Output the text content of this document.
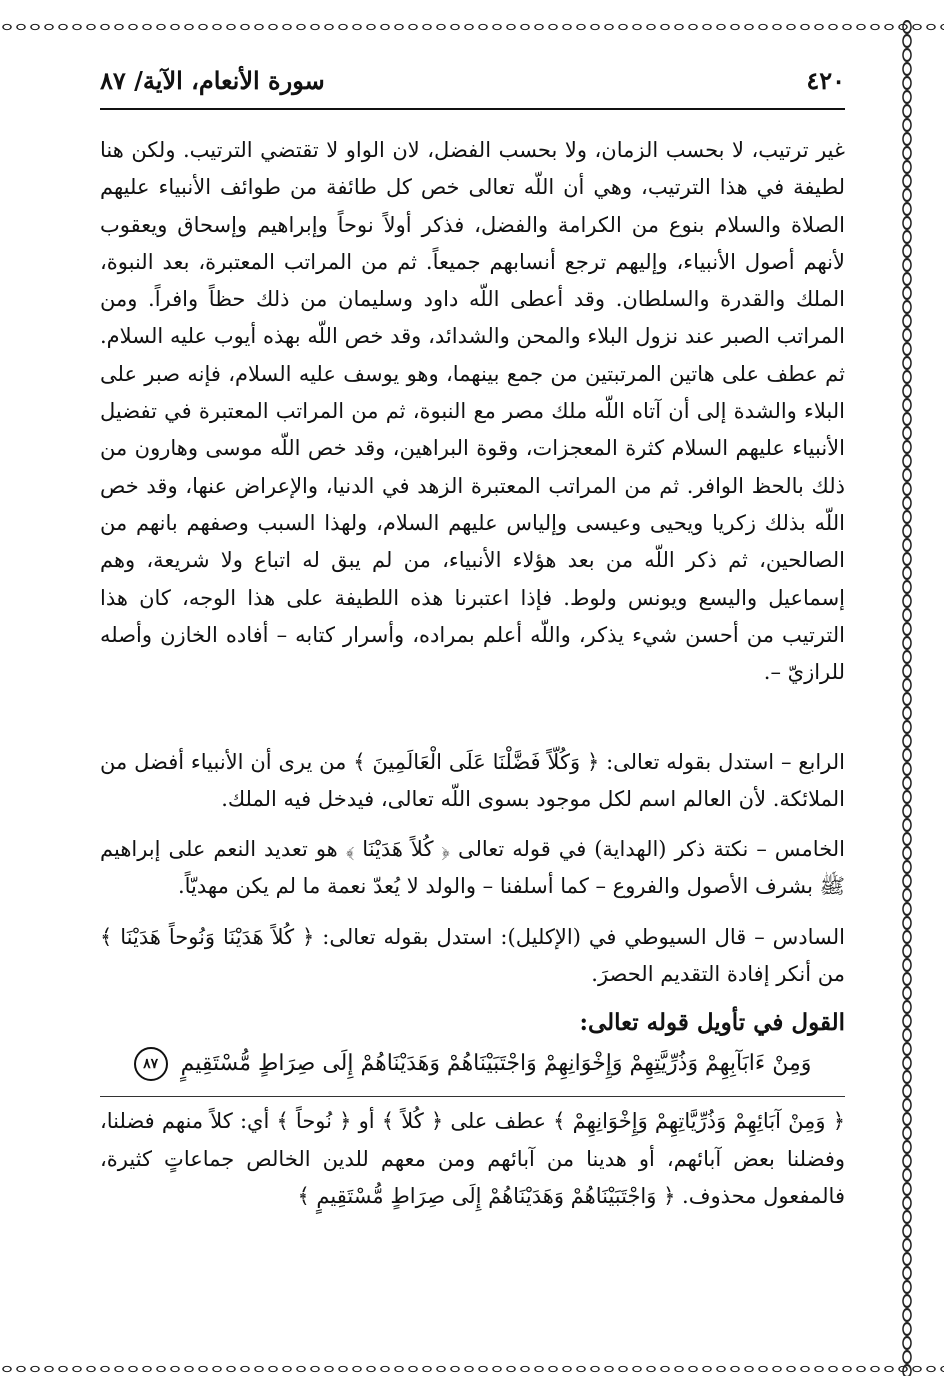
٤٢٠
سورة الأنعام، الآية/ ٨٧

غير ترتيب، لا بحسب الزمان، ولا بحسب الفضل، لان الواو لا تقتضي الترتيب. ولكن هنا لطيفة في هذا الترتيب، وهي أن اللّه تعالى خص كل طائفة من طوائف الأنبياء عليهم الصلاة والسلام بنوع من الكرامة والفضل، فذكر أولاً نوحاً وإبراهيم وإسحاق ويعقوب لأنهم أصول الأنبياء، وإليهم ترجع أنسابهم جميعاً. ثم من المراتب المعتبرة، بعد النبوة، الملك والقدرة والسلطان. وقد أعطى اللّه داود وسليمان من ذلك حظاً وافراً. ومن المراتب الصبر عند نزول البلاء والمحن والشدائد، وقد خص اللّه بهذه أيوب عليه السلام. ثم عطف على هاتين المرتبتين من جمع بينهما، وهو يوسف عليه السلام، فإنه صبر على البلاء والشدة إلى أن آتاه اللّه ملك مصر مع النبوة، ثم من المراتب المعتبرة في تفضيل الأنبياء عليهم السلام كثرة المعجزات، وقوة البراهين، وقد خص اللّه موسى وهارون من ذلك بالحظ الوافر. ثم من المراتب المعتبرة الزهد في الدنيا، والإعراض عنها، وقد خص اللّه بذلك زكريا ويحيى وعيسى وإلياس عليهم السلام، ولهذا السبب وصفهم بانهم من الصالحين، ثم ذكر اللّه من بعد هؤلاء الأنبياء، من لم يبق له اتباع ولا شريعة، وهم إسماعيل واليسع ويونس ولوط. فإذا اعتبرنا هذه اللطيفة على هذا الوجه، كان هذا الترتيب من أحسن شيء يذكر، واللّه أعلم بمراده، وأسرار كتابه – أفاده الخازن وأصله للرازيّ –.

الرابع – استدل بقوله تعالى: ﴿ وَكُلّاً فَضَّلْنَا عَلَى الْعَالَمِينَ ﴾ من يرى أن الأنبياء أفضل من الملائكة. لأن العالم اسم لكل موجود بسوى اللّه تعالى، فيدخل فيه الملك.

الخامس – نكتة ذكر (الهداية) في قوله تعالى ﴿ كُلاً هَدَيْنَا ﴾ هو تعديد النعم على إبراهيم ﷺ بشرف الأصول والفروع – كما أسلفنا – والولد لا يُعدّ نعمة ما لم يكن مهديّاً.

السادس – قال السيوطي في (الإكليل): استدل بقوله تعالى: ﴿ كُلاً هَدَيْنَا وَنُوحاً هَدَيْنَا ﴾ من أنكر إفادة التقديم الحصرَ.

القول في تأويل قوله تعالى:

وَمِنْ ءَابَآبِهِمْ وَذُرِّيَّتِهِمْ وَإِخْوَانِهِمْ وَاجْتَبَيْنَاهُمْ وَهَدَيْنَاهُمْ إِلَى صِرَاطٍ مُّسْتَقِيمٍ ٨٧

﴿ وَمِنْ آبَائِهِمْ وَذُرِّيَّاتِهِمْ وَإِخْوَانِهِمْ ﴾ عطف على ﴿ كُلاً ﴾ أو ﴿ نُوحاً ﴾ أي: كلاً منهم فضلنا، وفضلنا بعض آبائهم، أو هدينا من آبائهم ومن معهم للدين الخالص جماعاتٍ كثيرة، فالمفعول محذوف. ﴿ وَاجْتَبَيْنَاهُمْ وَهَدَيْنَاهُمْ إِلَى صِرَاطٍ مُّسْتَقِيمٍ ﴾
